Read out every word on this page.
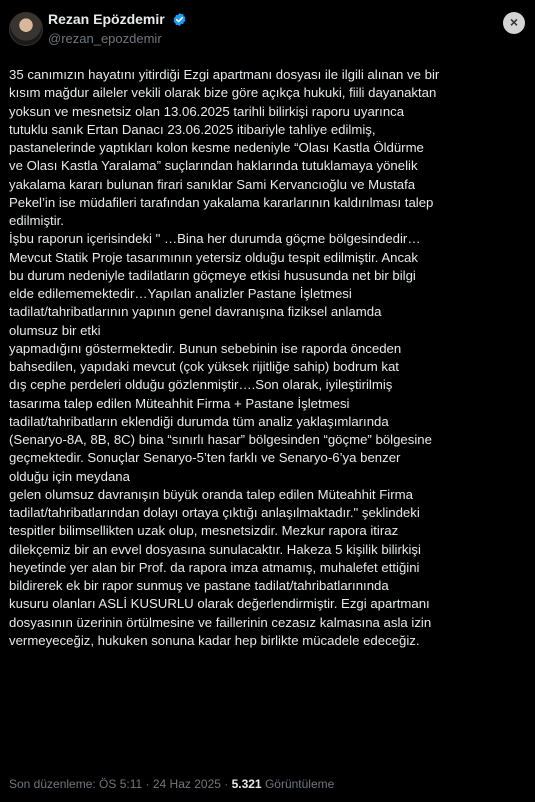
Rezan Epözdemir
@rezan_epozdemir
×
35 canımızın hayatını yitirdiği Ezgi apartmanı dosyası ile ilgili alınan ve bir
kısım mağdur aileler vekili olarak bize göre açıkça hukuki, fiili dayanaktan
yoksun ve mesnetsiz olan 13.06.2025 tarihli bilirkişi raporu uyarınca
tutuklu sanık Ertan Danacı 23.06.2025 itibariyle tahliye edilmiş,
pastanelerinde yaptıkları kolon kesme nedeniyle “Olası Kastla Öldürme
ve Olası Kastla Yaralama” suçlarından haklarında tutuklamaya yönelik
yakalama kararı bulunan firari sanıklar Sami Kervancıoğlu ve Mustafa
Pekel’in ise müdafileri tarafından yakalama kararlarının kaldırılması talep
edilmiştir.
İşbu raporun içerisindeki " …Bina her durumda göçme bölgesindedir…
Mevcut Statik Proje tasarımının yetersiz olduğu tespit edilmiştir. Ancak
bu durum nedeniyle tadilatların göçmeye etkisi hususunda net bir bilgi
elde edilememektedir…Yapılan analizler Pastane İşletmesi
tadilat/tahribatlarının yapının genel davranışına fiziksel anlamda
olumsuz bir etki
yapmadığını göstermektedir. Bunun sebebinin ise raporda önceden
bahsedilen, yapıdaki mevcut (çok yüksek rijitliğe sahip) bodrum kat
dış cephe perdeleri olduğu gözlenmiştir….Son olarak, iyileştirilmiş
tasarıma talep edilen Müteahhit Firma + Pastane İşletmesi
tadilat/tahribatların eklendiği durumda tüm analiz yaklaşımlarında
(Senaryo-8A, 8B, 8C) bina “sınırlı hasar” bölgesinden “göçme” bölgesine
geçmektedir. Sonuçlar Senaryo-5’ten farklı ve Senaryo-6’ya benzer
olduğu için meydana
gelen olumsuz davranışın büyük oranda talep edilen Müteahhit Firma
tadilat/tahribatlarından dolayı ortaya çıktığı anlaşılmaktadır." şeklindeki
tespitler bilimsellikten uzak olup, mesnetsizdir. Mezkur rapora itiraz
dilekçemiz bir an evvel dosyasına sunulacaktır. Hakeza 5 kişilik bilirkişi
heyetinde yer alan bir Prof. da rapora imza atmamış, muhalefet ettiğini
bildirerek ek bir rapor sunmuş ve pastane tadilat/tahribatlarınında
kusuru olanları ASLİ KUSURLU olarak değerlendirmiştir. Ezgi apartmanı
dosyasının üzerinin örtülmesine ve faillerinin cezasız kalmasına asla izin
vermeyeceğiz, hukuken sonuna kadar hep birlikte mücadele edeceğiz.
Son düzenleme: ÖS 5:11 · 24 Haz 2025 · 5.321 Görüntüleme
